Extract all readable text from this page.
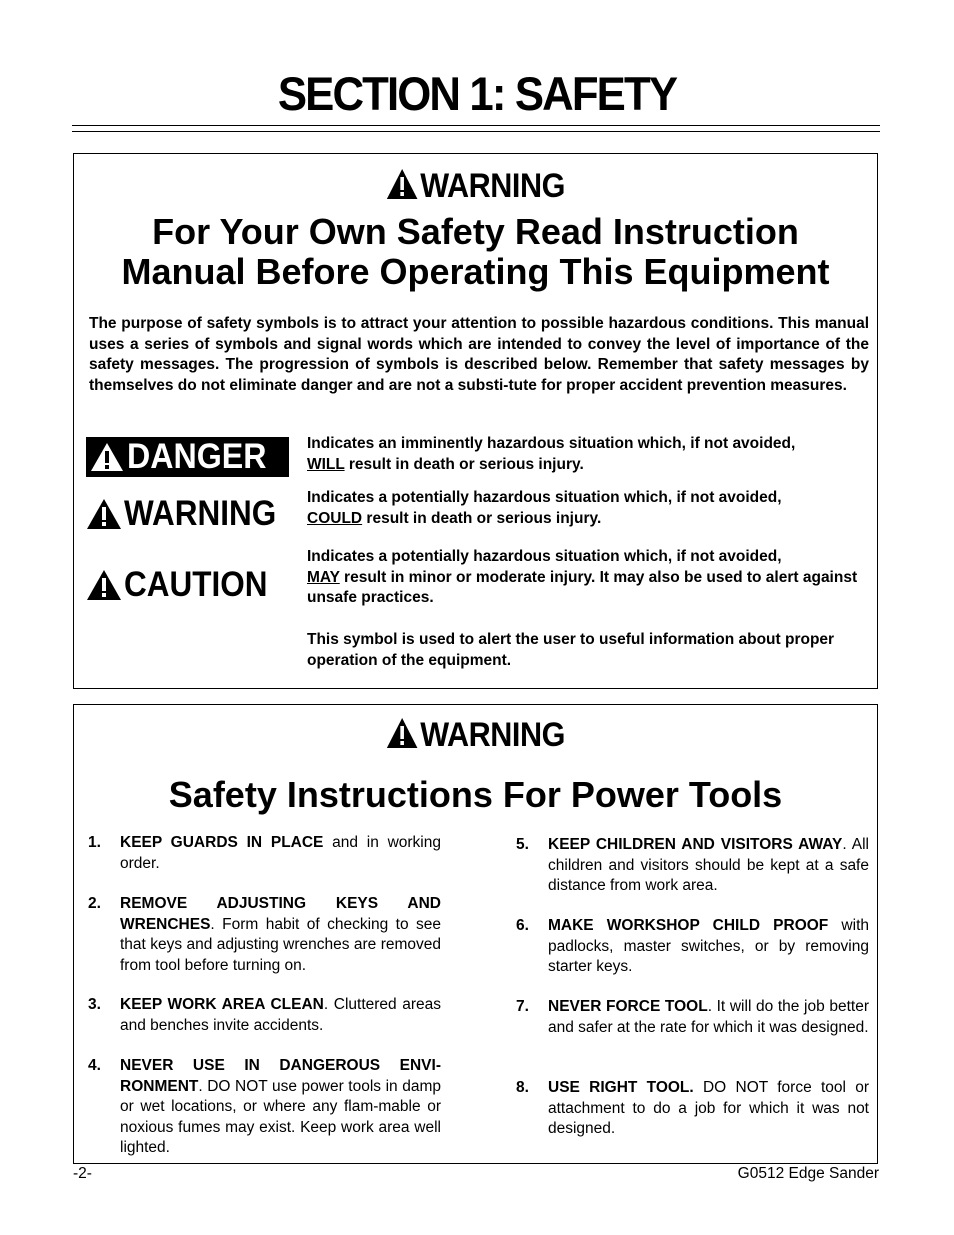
SECTION 1: SAFETY
WARNING
For Your Own Safety Read Instruction
Manual Before Operating This Equipment
The purpose of safety symbols is to attract your attention to possible hazardous conditions. This manual uses a series of symbols and signal words which are intended to convey the level of importance of the safety messages. The progression of symbols is described below. Remember that safety messages by themselves do not eliminate danger and are not a substi-tute for proper accident prevention measures.
DANGER	Indicates an imminently hazardous situation which, if not avoided,
WILL result in death or serious injury.
WARNING Indicates a potentially hazardous situation which, if not avoided,
COULD result in death or serious injury.
CAUTION
Indicates a potentially hazardous situation which, if not avoided,
MAY result in minor or moderate injury. It may also be used to alert against unsafe practices.
This symbol is used to alert the user to useful information about proper operation of the equipment.
WARNING
Safety Instructions For Power Tools
1. KEEP GUARDS IN PLACE and in working order.
2. REMOVE ADJUSTING KEYS AND WRENCHES. Form habit of checking to see that keys and adjusting wrenches are removed from tool before turning on.
3. KEEP WORK AREA CLEAN. Cluttered areas and benches invite accidents.
4. NEVER USE IN DANGEROUS ENVI-RONMENT. DO NOT use power tools in damp or wet locations, or where any flam-mable or noxious fumes may exist. Keep work area well lighted.
5. KEEP CHILDREN AND VISITORS AWAY. All children and visitors should be kept at a safe distance from work area.
6. MAKE WORKSHOP CHILD PROOF with padlocks, master switches, or by removing starter keys.
7. NEVER FORCE TOOL. It will do the job better and safer at the rate for which it was designed.
8. USE RIGHT TOOL. DO NOT force tool or attachment to do a job for which it was not designed.
-2-	G0512 Edge Sander
